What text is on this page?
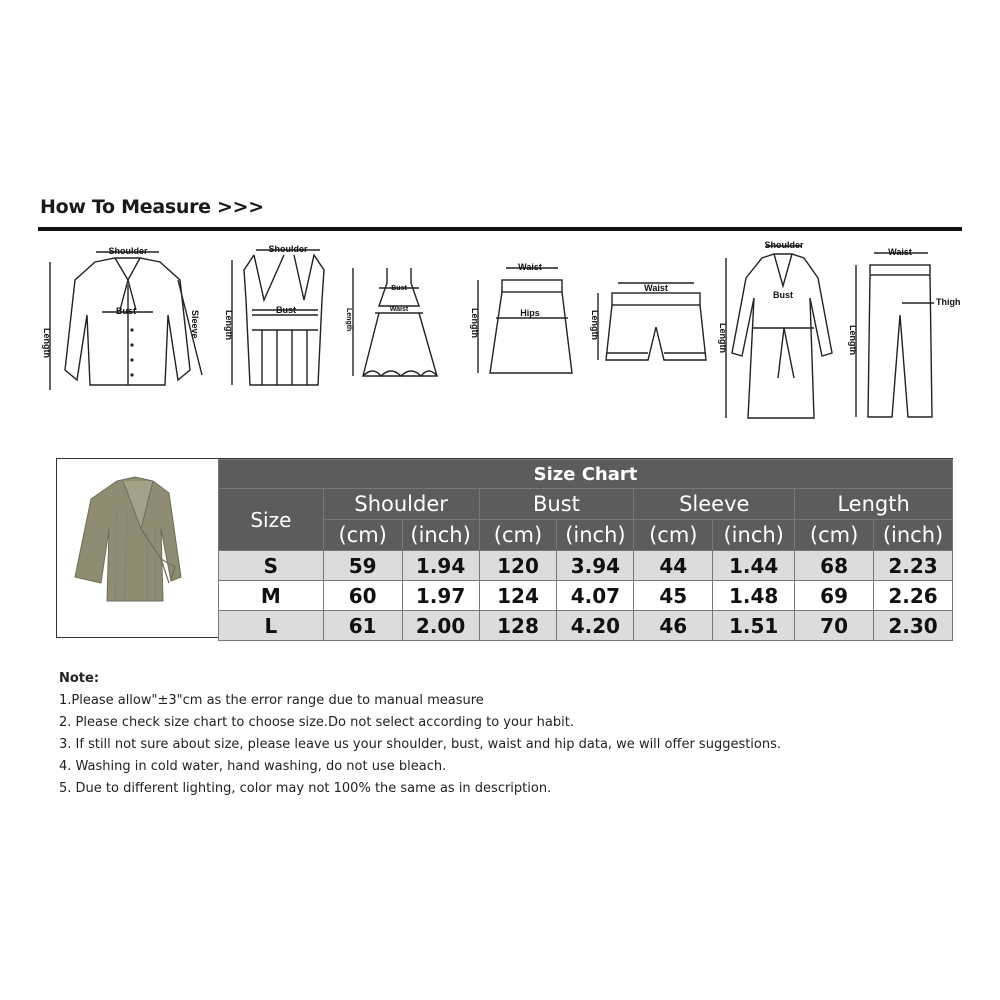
How To Measure >>>
Shoulder
Bust
Length
Sleeve
Shoulder
Bust
Length
Bust
Waist
Length
Waist
Hips
Length
Waist
Length
Shoulder
Bust
Length
Waist
Thigh
Length
Size Chart								
Size	Shoulder		Bust		Sleeve		Length	
	(cm)	(inch)	(cm)	(inch)	(cm)	(inch)	(cm)	(inch)
S	59	1.94	120	3.94	44	1.44	68	2.23
M	60	1.97	124	4.07	45	1.48	69	2.26
L	61	2.00	128	4.20	46	1.51	70	2.30
Note:
1.Please allow"±3"cm as the error range due to manual measure
2. Please check size chart to choose size.Do not select according to your habit.
3. If still not sure about size, please leave us your shoulder, bust, waist and hip data, we will offer suggestions.
4. Washing in cold water, hand washing, do not use bleach.
5. Due to different lighting, color may not 100% the same as in description.
